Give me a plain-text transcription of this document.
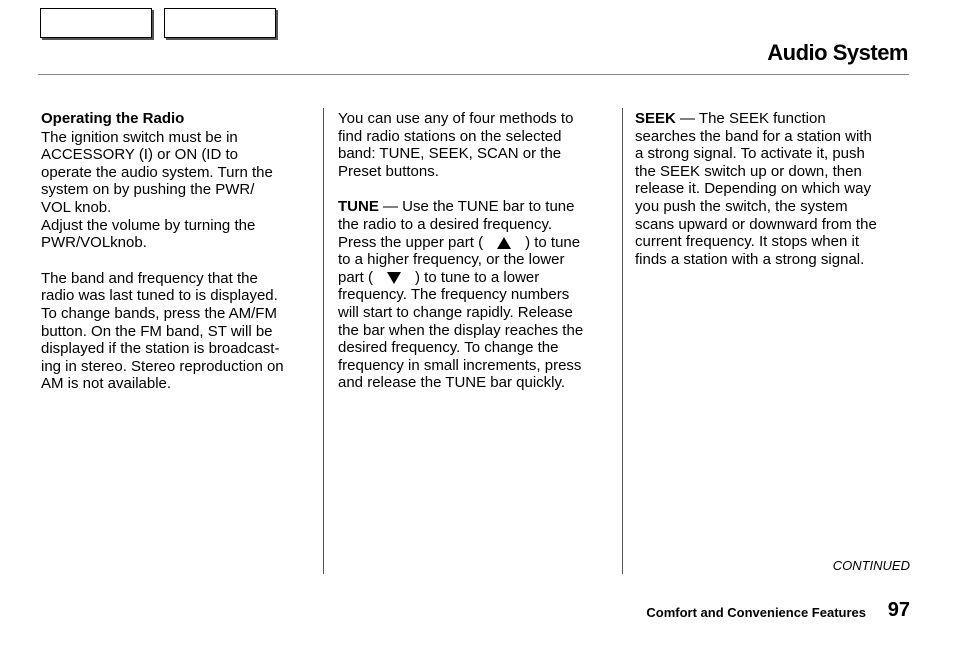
Audio System
Operating the Radio

The ignition switch must be in

ACCESSORY (I) or ON (ID to

operate the audio system. Turn the

system on by pushing the PWR/

VOL knob.

Adjust the volume by turning the

PWR/VOLknob.

The band and frequency that the

radio was last tuned to is displayed.

To change bands, press the AM/FM

button. On the FM band, ST will be

displayed if the station is broadcast-

ing in stereo. Stereo reproduction on

AM is not available.

You can use any of four methods to

find radio stations on the selected

band: TUNE, SEEK, SCAN or the

Preset buttons.

TUNE — Use the TUNE bar to tune

the radio to a desired frequency.

Press the upper part (	) to tune

to a higher frequency, or the lower

part (	) to tune to a lower

frequency. The frequency numbers

will start to change rapidly. Release

the bar when the display reaches the

desired frequency. To change the

frequency in small increments, press

and release the TUNE bar quickly.

SEEK — The SEEK function

searches the band for a station with

a strong signal. To activate it, push

the SEEK switch up or down, then

release it. Depending on which way

you push the switch, the system

scans upward or downward from the

current frequency. It stops when it

finds a station with a strong signal.

CONTINUED
Comfort and Convenience Features 97
